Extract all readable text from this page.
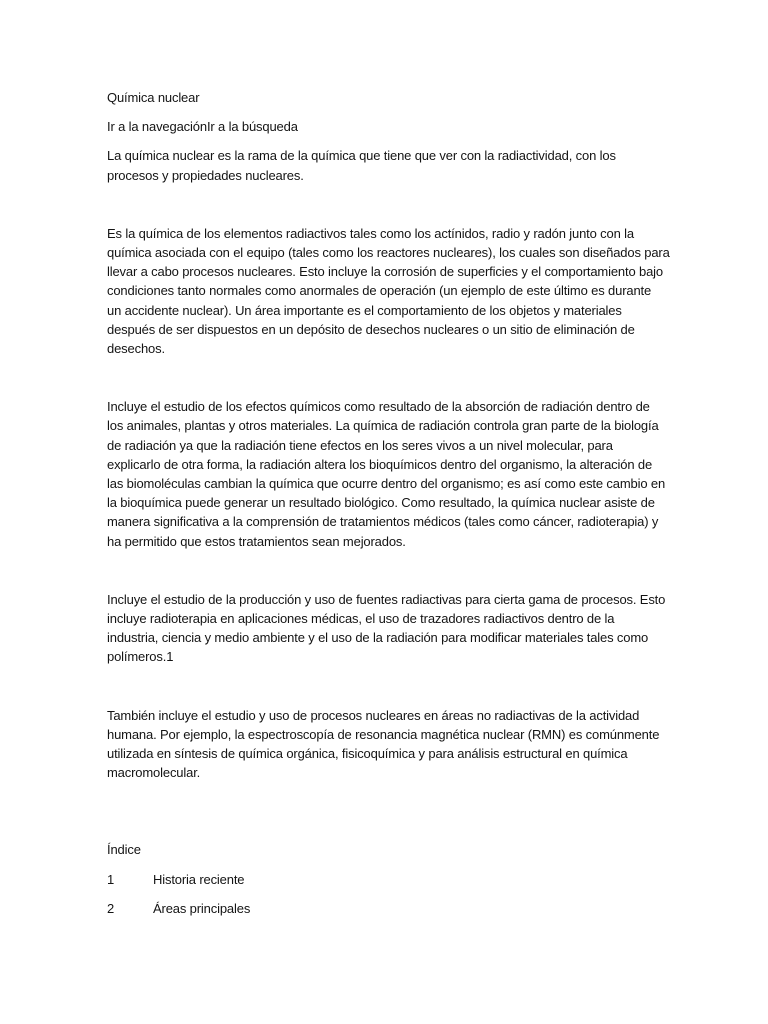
Química nuclear

Ir a la navegaciónIr a la búsqueda

La química nuclear es la rama de la química que tiene que ver con la radiactividad, con los

procesos y propiedades nucleares.

Es la química de los elementos radiactivos tales como los actínidos, radio y radón junto con la

química asociada con el equipo (tales como los reactores nucleares), los cuales son diseñados para

llevar a cabo procesos nucleares. Esto incluye la corrosión de superficies y el comportamiento bajo

condiciones tanto normales como anormales de operación (un ejemplo de este último es durante

un accidente nuclear). Un área importante es el comportamiento de los objetos y materiales

después de ser dispuestos en un depósito de desechos nucleares o un sitio de eliminación de

desechos.

Incluye el estudio de los efectos químicos como resultado de la absorción de radiación dentro de

los animales, plantas y otros materiales. La química de radiación controla gran parte de la biología

de radiación ya que la radiación tiene efectos en los seres vivos a un nivel molecular, para

explicarlo de otra forma, la radiación altera los bioquímicos dentro del organismo, la alteración de

las biomoléculas cambian la química que ocurre dentro del organismo; es así como este cambio en

la bioquímica puede generar un resultado biológico. Como resultado, la química nuclear asiste de

manera significativa a la comprensión de tratamientos médicos (tales como cáncer, radioterapia) y

ha permitido que estos tratamientos sean mejorados.

Incluye el estudio de la producción y uso de fuentes radiactivas para cierta gama de procesos. Esto

incluye radioterapia en aplicaciones médicas, el uso de trazadores radiactivos dentro de la

industria, ciencia y medio ambiente y el uso de la radiación para modificar materiales tales como

polímeros.1

También incluye el estudio y uso de procesos nucleares en áreas no radiactivas de la actividad

humana. Por ejemplo, la espectroscopía de resonancia magnética nuclear (RMN) es comúnmente

utilizada en síntesis de química orgánica, fisicoquímica y para análisis estructural en química

macromolecular.

Índice

1	Historia reciente
2	Áreas principales
